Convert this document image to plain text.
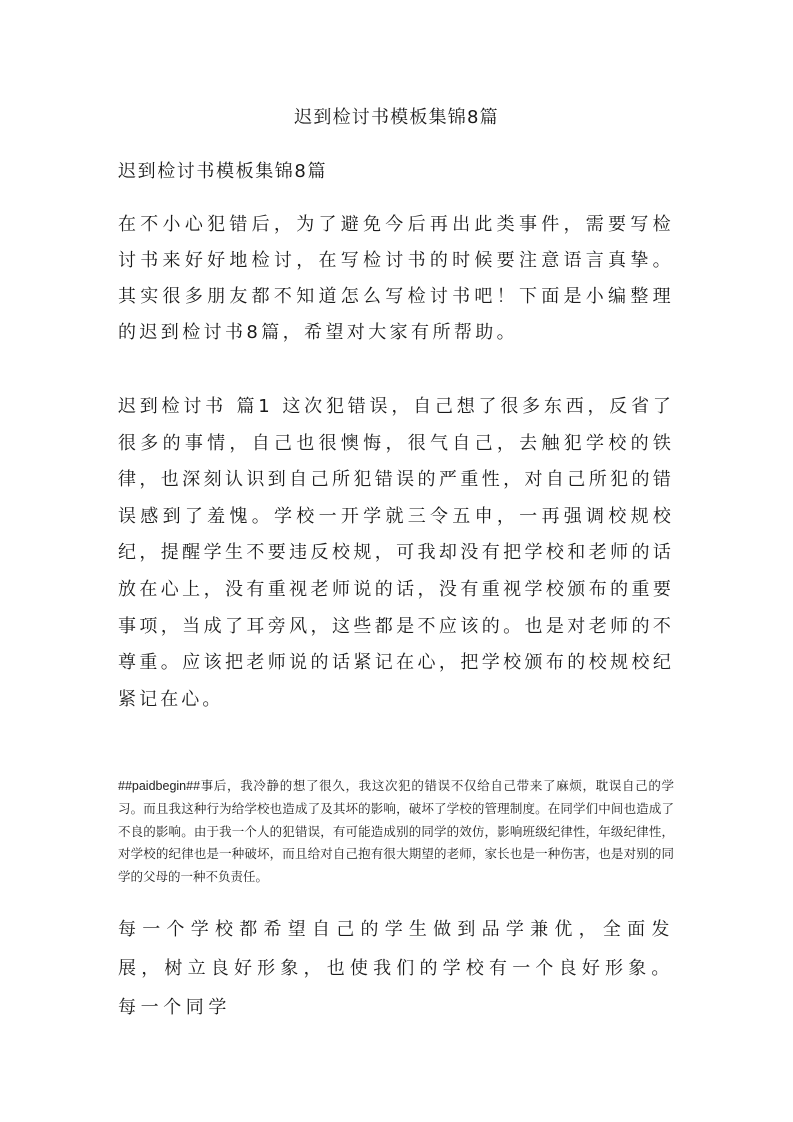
迟到检讨书模板集锦8篇
迟到检讨书模板集锦8篇

在不小心犯错后，为了避免今后再出此类事件，需要写检讨书来好好地检讨，在写检讨书的时候要注意语言真挚。其实很多朋友都不知道怎么写检讨书吧！下面是小编整理的迟到检讨书8篇，希望对大家有所帮助。

迟到检讨书 篇1 这次犯错误，自己想了很多东西，反省了很多的事情，自己也很懊悔，很气自己，去触犯学校的铁律，也深刻认识到自己所犯错误的严重性，对自己所犯的错误感到了羞愧。学校一开学就三令五申，一再强调校规校纪，提醒学生不要违反校规，可我却没有把学校和老师的话放在心上，没有重视老师说的话，没有重视学校颁布的重要事项，当成了耳旁风，这些都是不应该的。也是对老师的不尊重。应该把老师说的话紧记在心，把学校颁布的校规校纪紧记在心。

##paidbegin##事后，我冷静的想了很久，我这次犯的错误不仅给自己带来了麻烦，耽误自己的学习。而且我这种行为给学校也造成了及其坏的影响，破坏了学校的管理制度。在同学们中间也造成了不良的影响。由于我一个人的犯错误，有可能造成别的同学的效仿，影响班级纪律性，年级纪律性，对学校的纪律也是一种破坏，而且给对自己抱有很大期望的老师，家长也是一种伤害，也是对别的同学的父母的一种不负责任。

每一个学校都希望自己的学生做到品学兼优，全面发展，树立良好形象，也使我们的学校有一个良好形象。每一个同学
